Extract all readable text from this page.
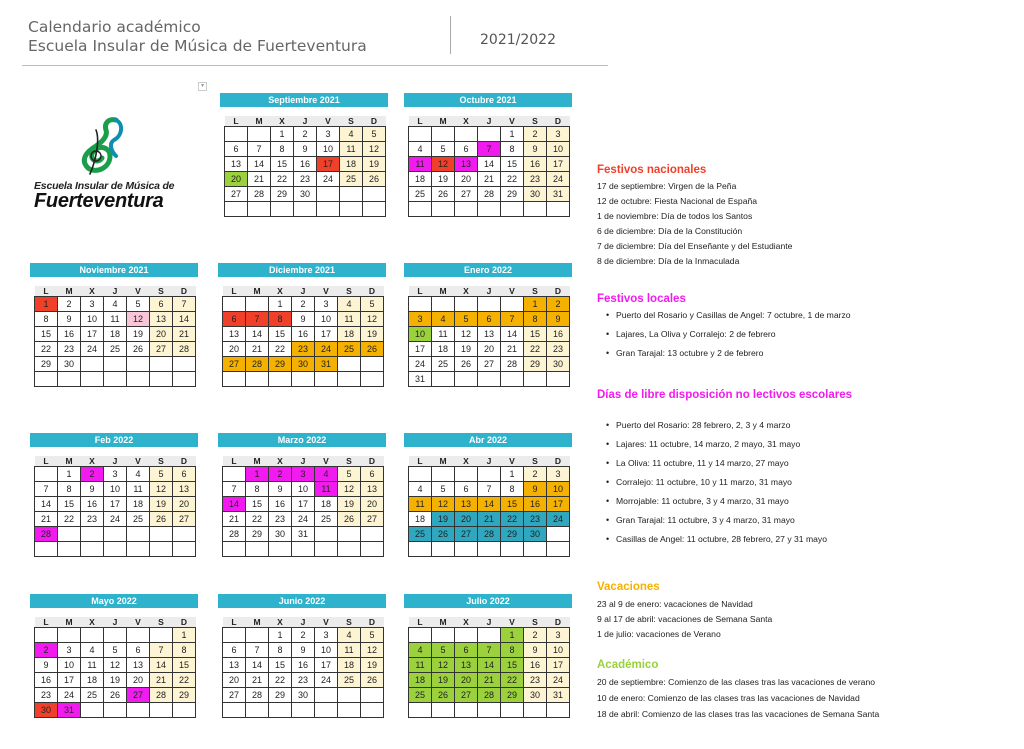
Calendario académico
Escuela Insular de Música de Fuerteventura	2021/2022
▾
Escuela Insular de Música de
Fuerteventura
Septiembre 2021
L	M	X	J	V	S	D
		1	2	3	4	5
6	7	8	9	10	11	12
13	14	15	16	17	18	19
20	21	22	23	24	25	26
27	28	29	30			

Octubre 2021
L	M	X	J	V	S	D
				1	2	3
4	5	6	7	8	9	10
11	12	13	14	15	16	17
18	19	20	21	22	23	24
25	26	27	28	29	30	31

Noviembre 2021
L	M	X	J	V	S	D
1	2	3	4	5	6	7
8	9	10	11	12	13	14
15	16	17	18	19	20	21
22	23	24	25	26	27	28
29	30					

Diciembre 2021
L	M	X	J	V	S	D
		1	2	3	4	5
6	7	8	9	10	11	12
13	14	15	16	17	18	19
20	21	22	23	24	25	26
27	28	29	30	31		

Enero 2022
L	M	X	J	V	S	D
					1	2
3	4	5	6	7	8	9
10	11	12	13	14	15	16
17	18	19	20	21	22	23
24	25	26	27	28	29	30
31						
Feb 2022
L	M	X	J	V	S	D
	1	2	3	4	5	6
7	8	9	10	11	12	13
14	15	16	17	18	19	20
21	22	23	24	25	26	27
28						

Marzo 2022
L	M	X	J	V	S	D
	1	2	3	4	5	6
7	8	9	10	11	12	13
14	15	16	17	18	19	20
21	22	23	24	25	26	27
28	29	30	31			

Abr 2022
L	M	X	J	V	S	D
				1	2	3
4	5	6	7	8	9	10
11	12	13	14	15	16	17
18	19	20	21	22	23	24
25	26	27	28	29	30	

Mayo 2022
L	M	X	J	V	S	D
						1
2	3	4	5	6	7	8
9	10	11	12	13	14	15
16	17	18	19	20	21	22
23	24	25	26	27	28	29
30	31					
Junio 2022
L	M	X	J	V	S	D
		1	2	3	4	5
6	7	8	9	10	11	12
13	14	15	16	17	18	19
20	21	22	23	24	25	26
27	28	29	30			

Julio 2022
L	M	X	J	V	S	D
				1	2	3
4	5	6	7	8	9	10
11	12	13	14	15	16	17
18	19	20	21	22	23	24
25	26	27	28	29	30	31

Festivos nacionales
17 de septiembre: Virgen de la Peña
12 de octubre: Fiesta Nacional de España
1 de noviembre: Día de todos los Santos
6 de diciembre: Día de la Constitución
7 de diciembre: Día del Enseñante y del Estudiante
8 de diciembre: Día de la Inmaculada
Festivos locales
• Puerto del Rosario y Casillas de Angel: 7 octubre, 1 de marzo
• Lajares, La Oliva y Corralejo: 2 de febrero
• Gran Tarajal: 13 octubre y 2 de febrero
Días de libre disposición no lectivos escolares
• Puerto del Rosario: 28 febrero, 2, 3 y 4 marzo
• Lajares: 11 octubre, 14 marzo, 2 mayo, 31 mayo
• La Oliva: 11 octubre, 11 y 14 marzo, 27 mayo
• Corralejo: 11 octubre, 10 y 11 marzo, 31 mayo
• Morrojable: 11 octubre, 3 y 4 marzo, 31 mayo
• Gran Tarajal: 11 octubre, 3 y 4 marzo, 31 mayo
• Casillas de Angel: 11 octubre, 28 febrero, 27 y 31 mayo
Vacaciones
23 al 9 de enero: vacaciones de Navidad
9 al 17 de abril: vacaciones de Semana Santa
1 de julio: vacaciones de Verano
Académico
20 de septiembre: Comienzo de las clases tras las vacaciones de verano
10 de enero: Comienzo de las clases tras las vacaciones de Navidad
18 de abril: Comienzo de las clases tras las vacaciones de Semana Santa
